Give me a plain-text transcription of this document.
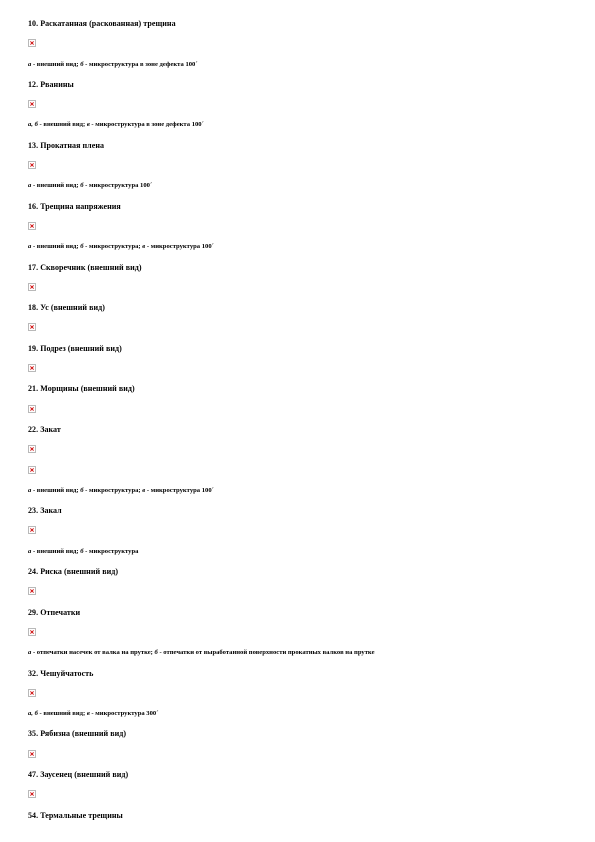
10. Раскатанная (раскованная) трещина
а - внешний вид; б - микроструктура в зоне дефекта 100´
12. Рванины
а, б - внешний вид; в - микроструктура в зоне дефекта 100´
13. Прокатная плена
а - внешний вид; б - микроструктура 100´
16. Трещина напряжения
а - внешний вид; б - микроструктура; в - микроструктура 100´
17. Скворечник (внешний вид)
18. Ус (внешний вид)
19. Подрез (внешний вид)
21. Морщины (внешний вид)
22. Закат
а - внешний вид; б - микроструктура; в - микроструктура 100´
23. Закал
а - внешний вид; б - микроструктура
24. Риска (внешний вид)
29. Отпечатки
а - отпечатки насечек от валка на прутке; б - отпечатки от выработанной поверхности прокатных валков на прутке
32. Чешуйчатость
а, б - внешний вид; в - микроструктура 300´
35. Рябизна (внешний вид)
47. Заусенец (внешний вид)
54. Термальные трещины
